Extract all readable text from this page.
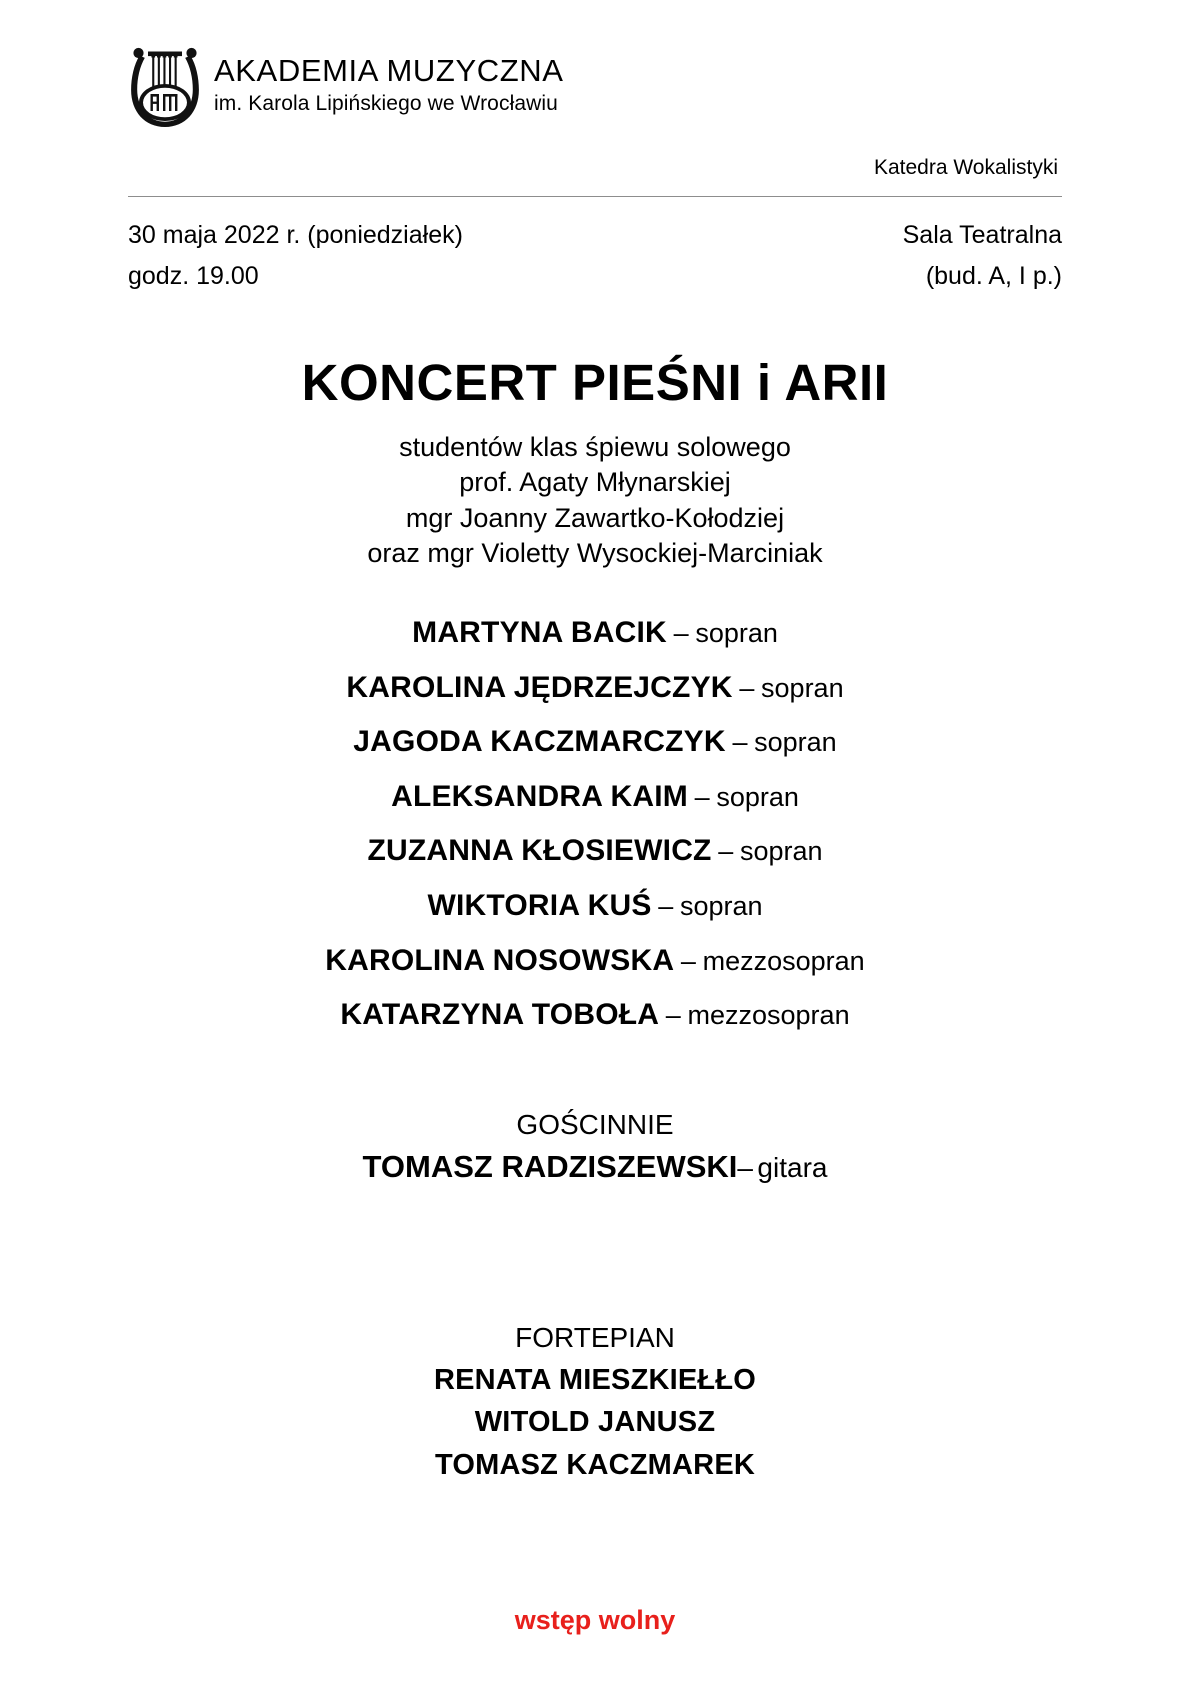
AKADEMIA MUZYCZNA
im. Karola Lipińskiego we Wrocławiu
Katedra Wokalistyki
30 maja 2022 r. (poniedziałek)	Sala Teatralna
godz. 19.00	(bud. A, I p.)
KONCERT PIEŚNI i ARII
studentów klas śpiewu solowego
prof. Agaty Młynarskiej
mgr Joanny Zawartko-Kołodziej
oraz mgr Violetty Wysockiej-Marciniak
MARTYNA BACIK – sopran
KAROLINA JĘDRZEJCZYK – sopran
JAGODA KACZMARCZYK – sopran
ALEKSANDRA KAIM – sopran
ZUZANNA KŁOSIEWICZ – sopran
WIKTORIA KUŚ – sopran
KAROLINA NOSOWSKA – mezzosopran
KATARZYNA TOBOŁA – mezzosopran
GOŚCINNIE
TOMASZ RADZISZEWSKI– gitara
FORTEPIAN
RENATA MIESZKIEŁŁO
WITOLD JANUSZ
TOMASZ KACZMAREK
wstęp wolny
